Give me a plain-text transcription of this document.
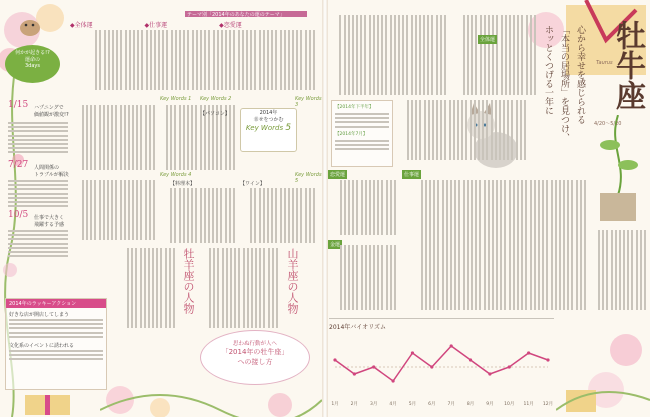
◆全体運	◆仕事運	◆恋愛運
テーマ別「2014年のあなたの運のテーマ」
何かが起きる!?
運命の
3days
1/15 ハプニングで
価値観が激変!?
7/27 人間関係の
トラブルが解決
10/5 仕事で大きく
飛躍する予感
Key Words 1 Key Words 2	Key Words 3
Key Words 4	Key Words 5
2014年
幸せをつかむ
Key Words 5
【パソコン】
【料理本】	【ワイン】
牡羊座の人物	山羊座の人物
2014年のラッキーアクション
好きな店が開店してしまう
文化系のイベントに誘われる	思わぬ行動が人へ
「2014年の牡牛座」
への接し方
牡牛座
Taurus
4/20〜5/20
心から幸せを感じられる
「本当の居場所」を見つけ、
ホッとくつげる一年に
【2014年下半年】
【2014年7月】
全体運
仕事運
恋愛運
金運
2014年バイオリズム
1月	2月	3月	4月	5月	6月	7月	8月	9月 10月 11月 12月
